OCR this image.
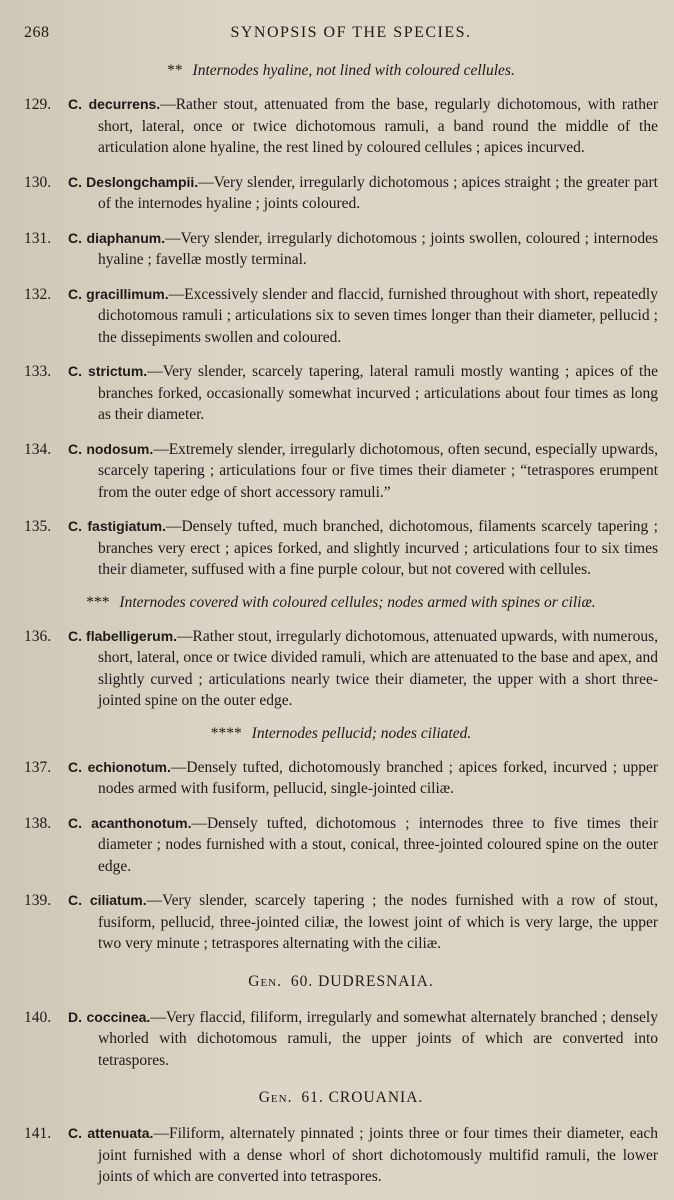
268	SYNOPSIS OF THE SPECIES.
** Internodes hyaline, not lined with coloured cellules.
129.	C. decurrens.—Rather stout, attenuated from the base, regularly dichotomous, with rather short, lateral, once or twice dichotomous ramuli, a band round the middle of the articulation alone hyaline, the rest lined by coloured cellules ; apices incurved.
130.	C. Deslongchampii.—Very slender, irregularly dichotomous ; apices straight ; the greater part of the internodes hyaline ; joints coloured.
131.	C. diaphanum.—Very slender, irregularly dichotomous ; joints swollen, coloured ; internodes hyaline ; favellæ mostly terminal.
132.	C. gracillimum.—Excessively slender and flaccid, furnished throughout with short, repeatedly dichotomous ramuli ; articulations six to seven times longer than their diameter, pellucid ; the dissepiments swollen and coloured.
133.	C. strictum.—Very slender, scarcely tapering, lateral ramuli mostly wanting ; apices of the branches forked, occasionally somewhat incurved ; articulations about four times as long as their diameter.
134.	C. nodosum.—Extremely slender, irregularly dichotomous, often secund, especially upwards, scarcely tapering ; articulations four or five times their diameter ; “tetraspores erumpent from the outer edge of short accessory ramuli.”
135.	C. fastigiatum.—Densely tufted, much branched, dichotomous, filaments scarcely tapering ; branches very erect ; apices forked, and slightly incurved ; articulations four to six times their diameter, suffused with a fine purple colour, but not covered with cellules.
*** Internodes covered with coloured cellules; nodes armed with spines or ciliæ.
136.	C. flabelligerum.—Rather stout, irregularly dichotomous, attenuated upwards, with numerous, short, lateral, once or twice divided ramuli, which are attenuated to the base and apex, and slightly curved ; articulations nearly twice their diameter, the upper with a short three-jointed spine on the outer edge.
**** Internodes pellucid; nodes ciliated.
137.	C. echionotum.—Densely tufted, dichotomously branched ; apices forked, incurved ; upper nodes armed with fusiform, pellucid, single-jointed ciliæ.
138.	C. acanthonotum.—Densely tufted, dichotomous ; internodes three to five times their diameter ; nodes furnished with a stout, conical, three-jointed coloured spine on the outer edge.
139.	C. ciliatum.—Very slender, scarcely tapering ; the nodes furnished with a row of stout, fusiform, pellucid, three-jointed ciliæ, the lowest joint of which is very large, the upper two very minute ; tetraspores alternating with the ciliæ.
Gen. 60. DUDRESNAIA.
140.	D. coccinea.—Very flaccid, filiform, irregularly and somewhat alternately branched ; densely whorled with dichotomous ramuli, the upper joints of which are converted into tetraspores.
Gen. 61. CROUANIA.
141.	C. attenuata.—Filiform, alternately pinnated ; joints three or four times their diameter, each joint furnished with a dense whorl of short dichotomously multifid ramuli, the lower joints of which are converted into tetraspores.
